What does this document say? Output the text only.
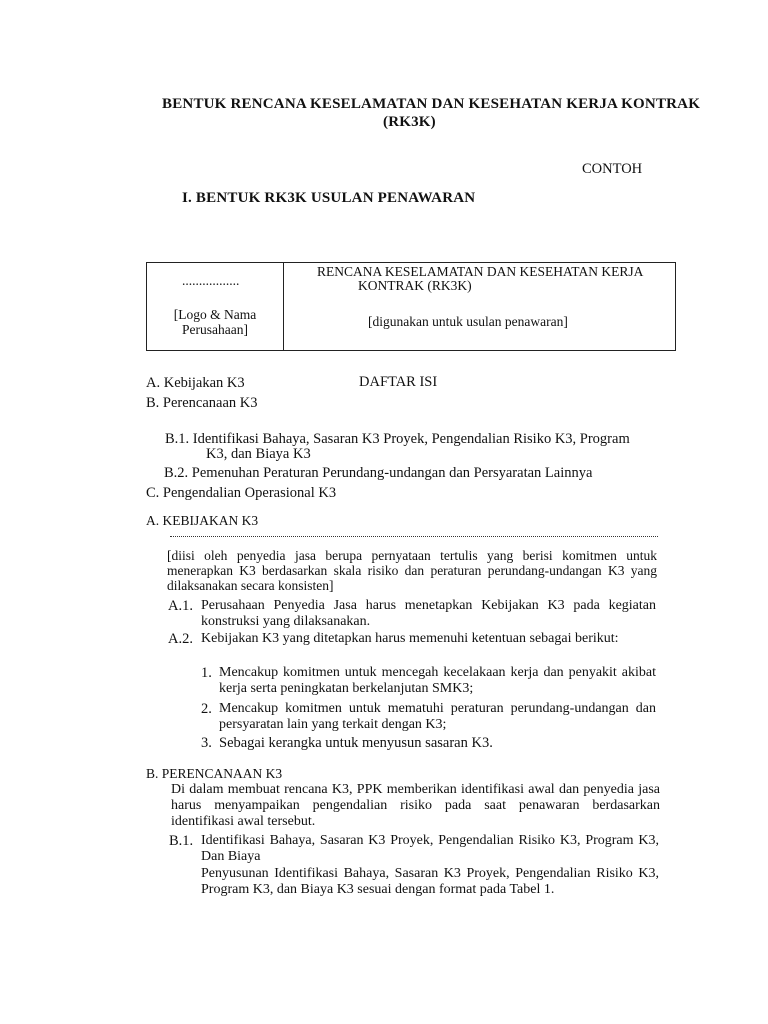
BENTUK RENCANA KESELAMATAN DAN KESEHATAN KERJA KONTRAK
(RK3K)
CONTOH
I. BENTUK RK3K USULAN PENAWARAN
.................
[Logo & Nama
Perusahaan]
RENCANA KESELAMATAN DAN KESEHATAN KERJA
KONTRAK (RK3K)
[digunakan untuk usulan penawaran]
A. Kebijakan K3	DAFTAR ISI
B. Perencanaan K3
B.1. Identifikasi Bahaya, Sasaran K3 Proyek, Pengendalian Risiko K3, Program
K3, dan Biaya K3
B.2. Pemenuhan Peraturan Perundang-undangan dan Persyaratan Lainnya
C. Pengendalian Operasional K3
A. KEBIJAKAN K3
[diisi oleh penyedia jasa berupa pernyataan tertulis yang berisi komitmen untuk menerapkan K3 berdasarkan skala risiko dan peraturan perundang-undangan K3 yang dilaksanakan secara konsisten]
A.1. Perusahaan Penyedia Jasa harus menetapkan Kebijakan K3 pada kegiatan konstruksi yang dilaksanakan.
A.2. Kebijakan K3 yang ditetapkan harus memenuhi ketentuan sebagai berikut:
1. Mencakup komitmen untuk mencegah kecelakaan kerja dan penyakit akibat kerja serta peningkatan berkelanjutan SMK3;
2. Mencakup komitmen untuk mematuhi peraturan perundang-undangan dan persyaratan lain yang terkait dengan K3;
3. Sebagai kerangka untuk menyusun sasaran K3.
B. PERENCANAAN K3
Di dalam membuat rencana K3, PPK memberikan identifikasi awal dan penyedia jasa harus menyampaikan pengendalian risiko pada saat penawaran berdasarkan identifikasi awal tersebut.
B.1. Identifikasi Bahaya, Sasaran K3 Proyek, Pengendalian Risiko K3, Program K3, Dan Biaya
Penyusunan Identifikasi Bahaya, Sasaran K3 Proyek, Pengendalian Risiko K3, Program K3, dan Biaya K3 sesuai dengan format pada Tabel 1.
